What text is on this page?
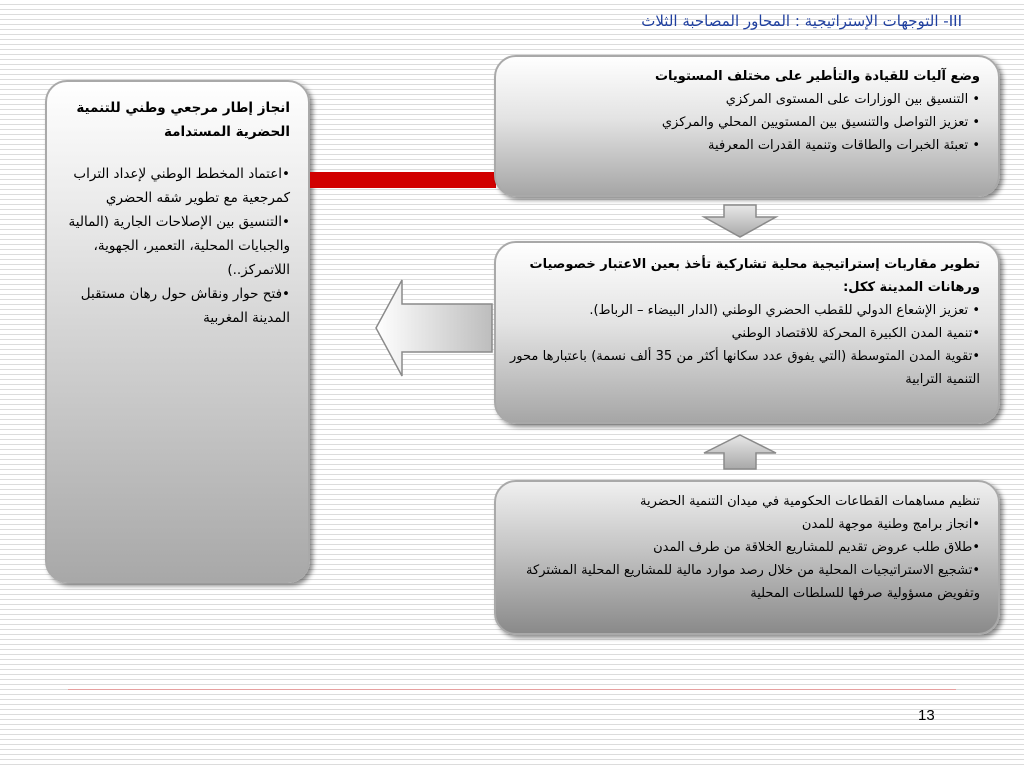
III- التوجهات الإستراتيجية : المحاور المصاحبة الثلاث

انجاز إطار مرجعي وطني للتنمية الحضرية المستدامة

• اعتماد المخطط الوطني لإعداد التراب كمرجعية مع تطوير شقه الحضري
• التنسيق بين الإصلاحات الجارية (المالية والجبايات المحلية، التعمير، الجهوية، اللاتمركز..)
• فتح حوار ونقاش حول رهان مستقبل المدينة المغربية

وضع آليات للقيادة والتأطير على مختلف المستويات

• التنسيق بين الوزارات على المستوى المركزي
• تعزيز التواصل والتنسيق بين المستويين المحلي والمركزي
• تعبئة الخبرات والطاقات وتنمية القدرات المعرفية

تطوير مقاربات إستراتيجية محلية تشاركية تأخذ بعين الاعتبار خصوصيات ورهانات المدينة ككل:

• تعزيز الإشعاع الدولي للقطب الحضري الوطني (الدار البيضاء – الرباط).
• تنمية المدن الكبيرة المحركة للاقتصاد الوطني
• تقوية المدن المتوسطة (التي يفوق عدد سكانها أكثر من 35 ألف نسمة) باعتبارها محور التنمية الترابية

تنظيم مساهمات القطاعات الحكومية في ميدان التنمية الحضرية

• انجاز برامج وطنية موجهة للمدن
• طلاق طلب عروض تقديم للمشاريع الخلاقة من طرف المدن
• تشجيع الاستراتيجيات المحلية من خلال رصد موارد مالية للمشاريع المحلية المشتركة وتفويض مسؤولية صرفها للسلطات المحلية
13
